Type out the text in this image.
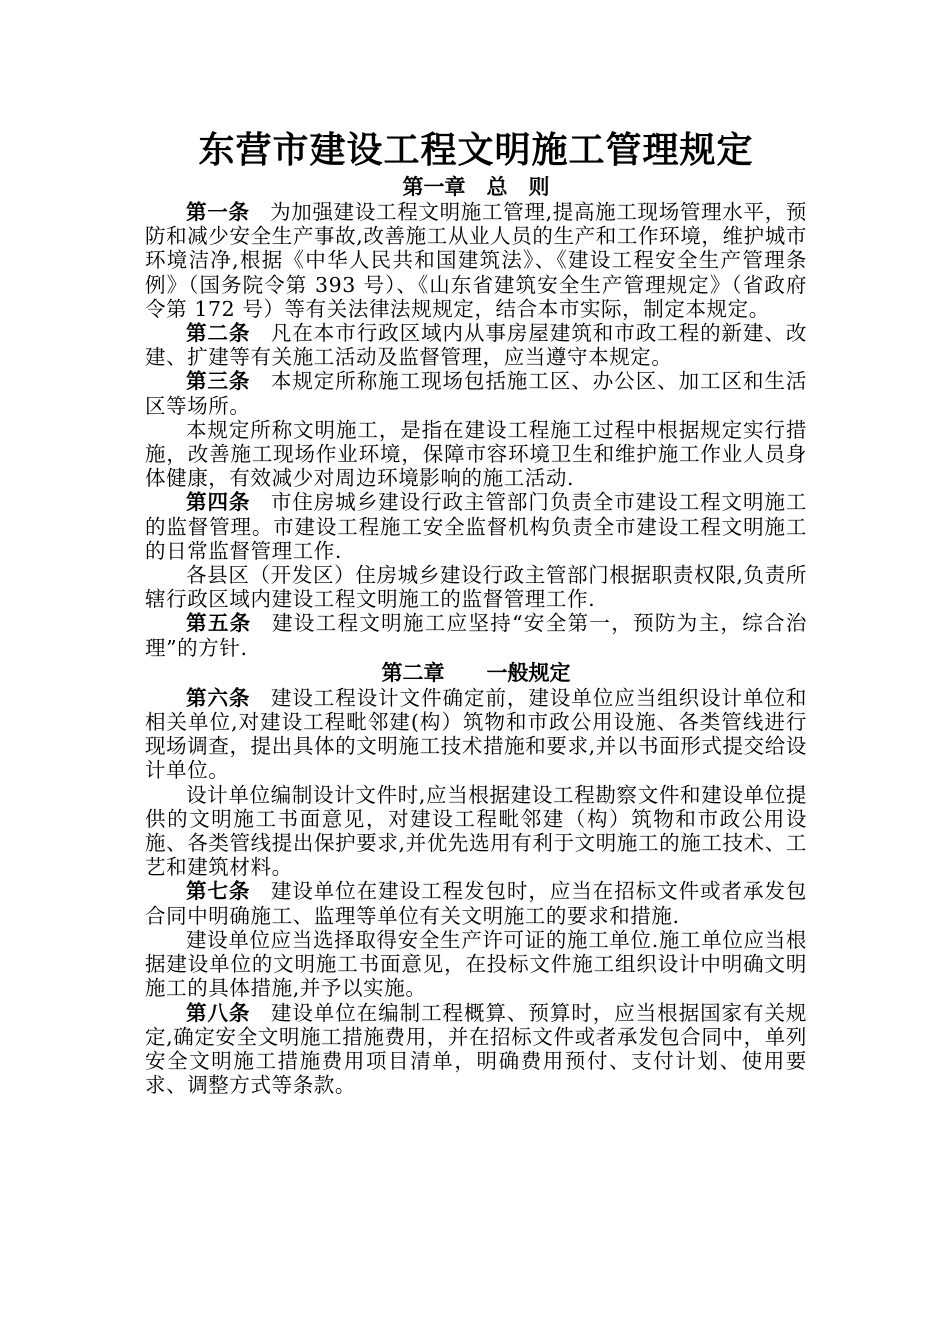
东营市建设工程文明施工管理规定
第一章　总　则

第一条 为加强建设工程文明施工管理,提高施工现场管理水平，预防和减少安全生产事故,改善施工从业人员的生产和工作环境，维护城市环境洁净,根据《中华人民共和国建筑法》、《建设工程安全生产管理条例》（国务院令第 393 号）、《山东省建筑安全生产管理规定》（省政府令第 172 号）等有关法律法规规定，结合本市实际，制定本规定。

第二条 凡在本市行政区域内从事房屋建筑和市政工程的新建、改建、扩建等有关施工活动及监督管理，应当遵守本规定。

第三条 本规定所称施工现场包括施工区、办公区、加工区和生活区等场所。

本规定所称文明施工，是指在建设工程施工过程中根据规定实行措施，改善施工现场作业环境，保障市容环境卫生和维护施工作业人员身体健康，有效减少对周边环境影响的施工活动.

第四条 市住房城乡建设行政主管部门负责全市建设工程文明施工的监督管理。市建设工程施工安全监督机构负责全市建设工程文明施工的日常监督管理工作.

各县区（开发区）住房城乡建设行政主管部门根据职责权限,负责所辖行政区域内建设工程文明施工的监督管理工作.

第五条 建设工程文明施工应坚持“安全第一，预防为主，综合治理”的方针.

第二章　　一般规定

第六条 建设工程设计文件确定前，建设单位应当组织设计单位和相关单位,对建设工程毗邻建(构）筑物和市政公用设施、各类管线进行现场调查，提出具体的文明施工技术措施和要求,并以书面形式提交给设计单位。

设计单位编制设计文件时,应当根据建设工程勘察文件和建设单位提供的文明施工书面意见，对建设工程毗邻建（构）筑物和市政公用设施、各类管线提出保护要求,并优先选用有利于文明施工的施工技术、工艺和建筑材料。

第七条 建设单位在建设工程发包时，应当在招标文件或者承发包合同中明确施工、监理等单位有关文明施工的要求和措施.

建设单位应当选择取得安全生产许可证的施工单位.施工单位应当根据建设单位的文明施工书面意见，在投标文件施工组织设计中明确文明施工的具体措施,并予以实施。

第八条 建设单位在编制工程概算、预算时，应当根据国家有关规定,确定安全文明施工措施费用，并在招标文件或者承发包合同中，单列安全文明施工措施费用项目清单，明确费用预付、支付计划、使用要求、调整方式等条款。
